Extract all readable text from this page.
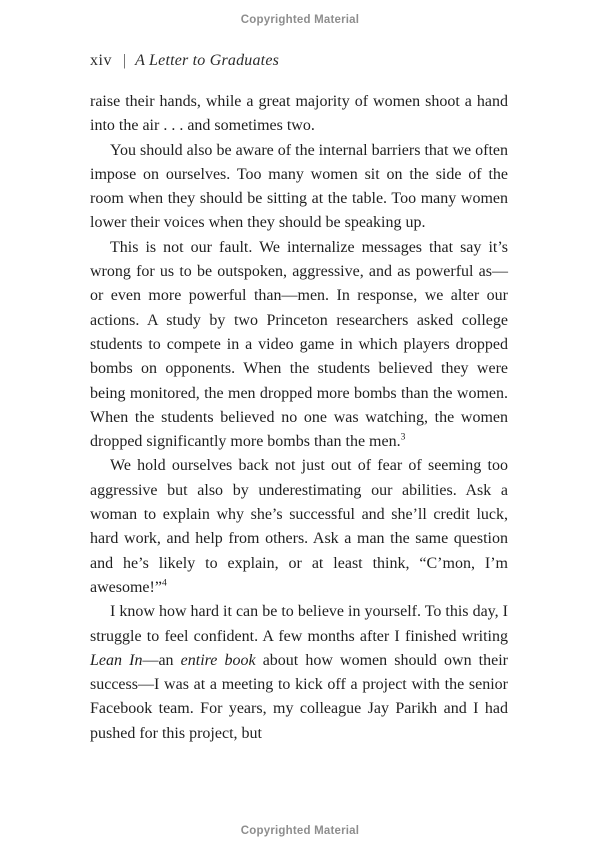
Copyrighted Material
xiv | A Letter to Graduates

raise their hands, while a great majority of women shoot a hand into the air . . . and sometimes two.

You should also be aware of the internal barriers that we often impose on ourselves. Too many women sit on the side of the room when they should be sitting at the table. Too many women lower their voices when they should be speaking up.

This is not our fault. We internalize messages that say it’s wrong for us to be outspoken, aggressive, and as powerful as—or even more powerful than—men. In response, we alter our actions. A study by two Princeton researchers asked college students to compete in a video game in which players dropped bombs on opponents. When the students believed they were being monitored, the men dropped more bombs than the women. When the students believed no one was watching, the women dropped significantly more bombs than the men.$^3$

We hold ourselves back not just out of fear of seeming too aggressive but also by underestimating our abilities. Ask a woman to explain why she’s successful and she’ll credit luck, hard work, and help from others. Ask a man the same question and he’s likely to explain, or at least think, “C’mon, I’m awesome!”$^4$

I know how hard it can be to believe in yourself. To this day, I struggle to feel confident. A few months after I finished writing Lean In—an entire book about how women should own their success—I was at a meeting to kick off a project with the senior Facebook team. For years, my colleague Jay Parikh and I had pushed for this project, but

Copyrighted Material
